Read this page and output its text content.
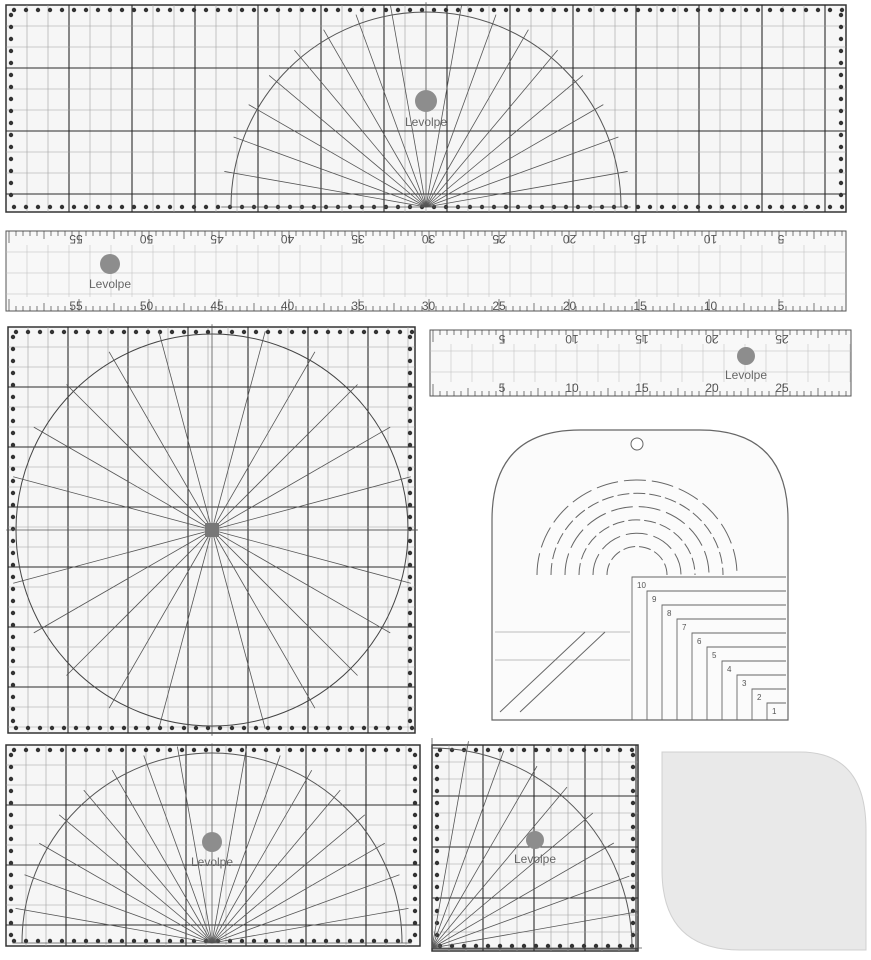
Levolpe
55	50	45	40	35	30	25	20	15	10	5
55	50	45	40	35	30	25	20	15	10	5
Levolpe
5	10	15	20	25
5	10	15	20	25
Levolpe
10
9
8
7
6
5
4
3
2
1
Levolpe	Levolpe
